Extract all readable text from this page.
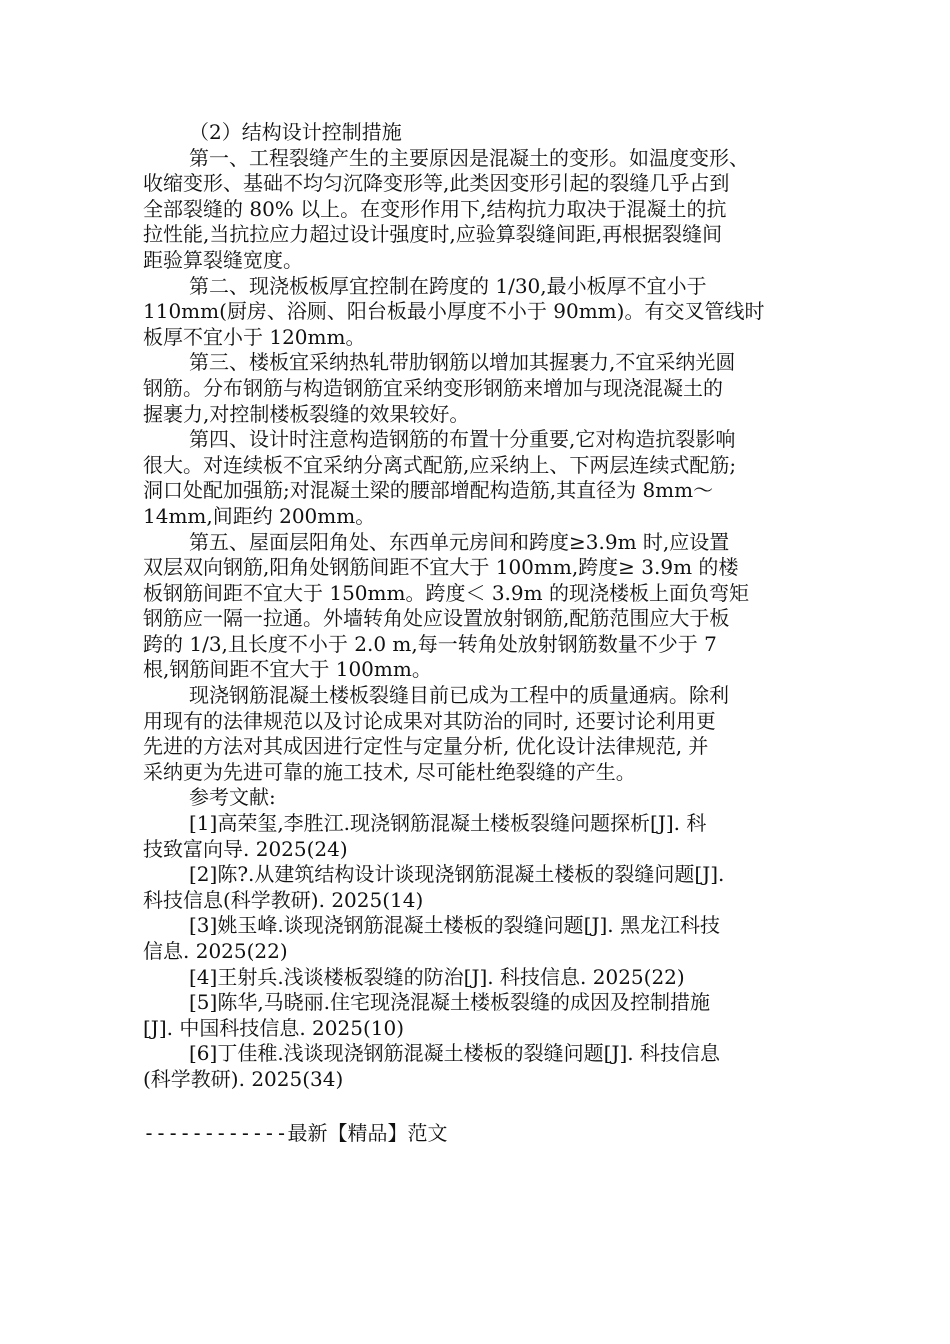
（2）结构设计控制措施
第一、工程裂缝产生的主要原因是混凝土的变形。如温度变形、
收缩变形、基础不均匀沉降变形等,此类因变形引起的裂缝几乎占到
全部裂缝的 80% 以上。在变形作用下,结构抗力取决于混凝土的抗
拉性能,当抗拉应力超过设计强度时,应验算裂缝间距,再根据裂缝间
距验算裂缝宽度。
第二、现浇板板厚宜控制在跨度的 1/30,最小板厚不宜小于
110mm(厨房、浴厕、阳台板最小厚度不小于 90mm)。有交叉管线时
板厚不宜小于 120mm。
第三、楼板宜采纳热轧带肋钢筋以增加其握裹力,不宜采纳光圆
钢筋。分布钢筋与构造钢筋宜采纳变形钢筋来增加与现浇混凝土的
握裹力,对控制楼板裂缝的效果较好。
第四、设计时注意构造钢筋的布置十分重要,它对构造抗裂影响
很大。对连续板不宜采纳分离式配筋,应采纳上、下两层连续式配筋;
洞口处配加强筋;对混凝土梁的腰部增配构造筋,其直径为 8mm～
14mm,间距约 200mm。
第五、屋面层阳角处、东西单元房间和跨度≥3.9m 时,应设置
双层双向钢筋,阳角处钢筋间距不宜大于 100mm,跨度≥ 3.9m 的楼
板钢筋间距不宜大于 150mm。跨度＜ 3.9m 的现浇楼板上面负弯矩
钢筋应一隔一拉通。外墙转角处应设置放射钢筋,配筋范围应大于板
跨的 1/3,且长度不小于 2.0 m,每一转角处放射钢筋数量不少于 7
根,钢筋间距不宜大于 100mm。
现浇钢筋混凝土楼板裂缝目前已成为工程中的质量通病。除利
用现有的法律规范以及讨论成果对其防治的同时, 还要讨论利用更
先进的方法对其成因进行定性与定量分析, 优化设计法律规范, 并
采纳更为先进可靠的施工技术, 尽可能杜绝裂缝的产生。
参考文献:
[1]高荣玺,李胜江.现浇钢筋混凝土楼板裂缝问题探析[J]. 科
技致富向导. 2025(24)
[2]陈?.从建筑结构设计谈现浇钢筋混凝土楼板的裂缝问题[J].
科技信息(科学教研). 2025(14)
[3]姚玉峰.谈现浇钢筋混凝土楼板的裂缝问题[J]. 黑龙江科技
信息. 2025(22)
[4]王射兵.浅谈楼板裂缝的防治[J]. 科技信息. 2025(22)
[5]陈华,马晓丽.住宅现浇混凝土楼板裂缝的成因及控制措施
[J]. 中国科技信息. 2025(10)
[6]丁佳稚.浅谈现浇钢筋混凝土楼板的裂缝问题[J]. 科技信息
(科学教研). 2025(34)
------------最新【精品】范文
